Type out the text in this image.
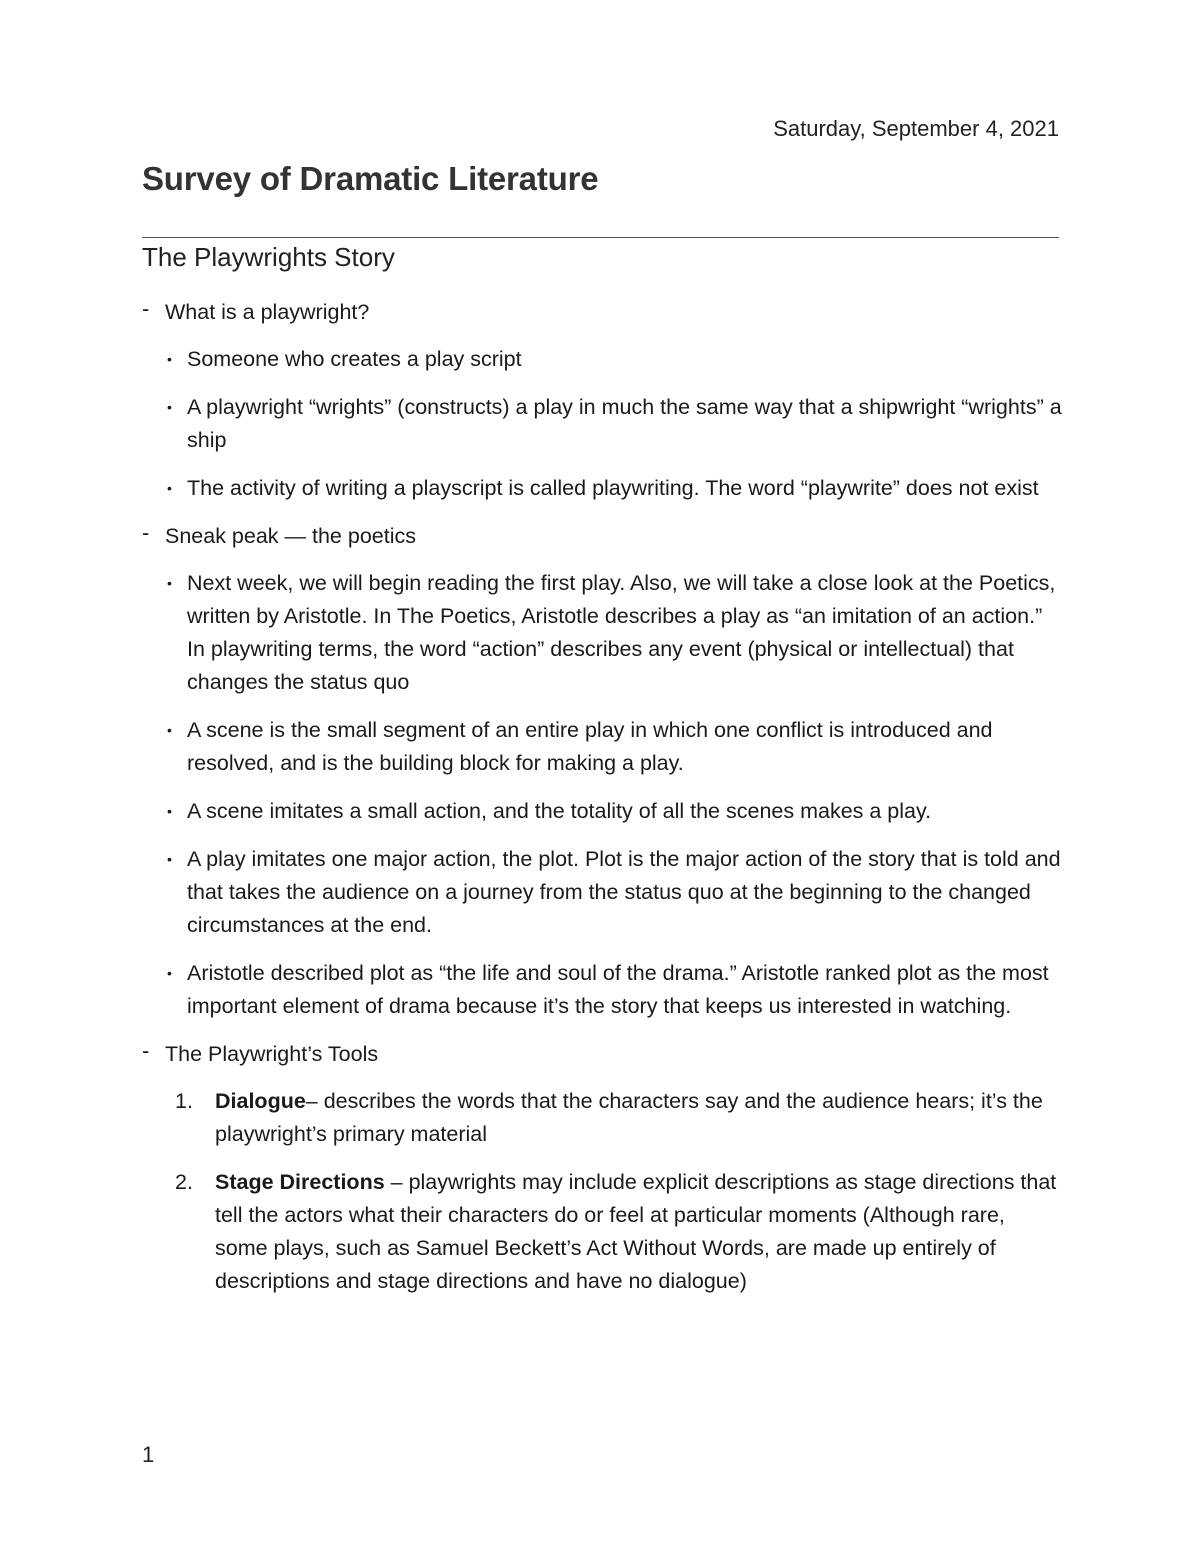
Saturday, September 4, 2021
Survey of Dramatic Literature
The Playwrights Story
- What is a playwright?
• Someone who creates a play script
• A playwright “wrights” (constructs) a play in much the same way that a shipwright “wrights” a ship
• The activity of writing a playscript is called playwriting. The word “playwrite” does not exist
- Sneak peak — the poetics
• Next week, we will begin reading the first play. Also, we will take a close look at the Poetics, written by Aristotle. In The Poetics, Aristotle describes a play as “an imitation of an action.” In playwriting terms, the word “action” describes any event (physical or intellectual) that changes the status quo
• A scene is the small segment of an entire play in which one conflict is introduced and resolved, and is the building block for making a play.
• A scene imitates a small action, and the totality of all the scenes makes a play.
• A play imitates one major action, the plot. Plot is the major action of the story that is told and that takes the audience on a journey from the status quo at the beginning to the changed circumstances at the end.
• Aristotle described plot as “the life and soul of the drama.” Aristotle ranked plot as the most important element of drama because it’s the story that keeps us interested in watching.
- The Playwright’s Tools
1. Dialogue– describes the words that the characters say and the audience hears; it’s the playwright’s primary material
2. Stage Directions – playwrights may include explicit descriptions as stage directions that tell the actors what their characters do or feel at particular moments (Although rare, some plays, such as Samuel Beckett’s Act Without Words, are made up entirely of descriptions and stage directions and have no dialogue)
1
